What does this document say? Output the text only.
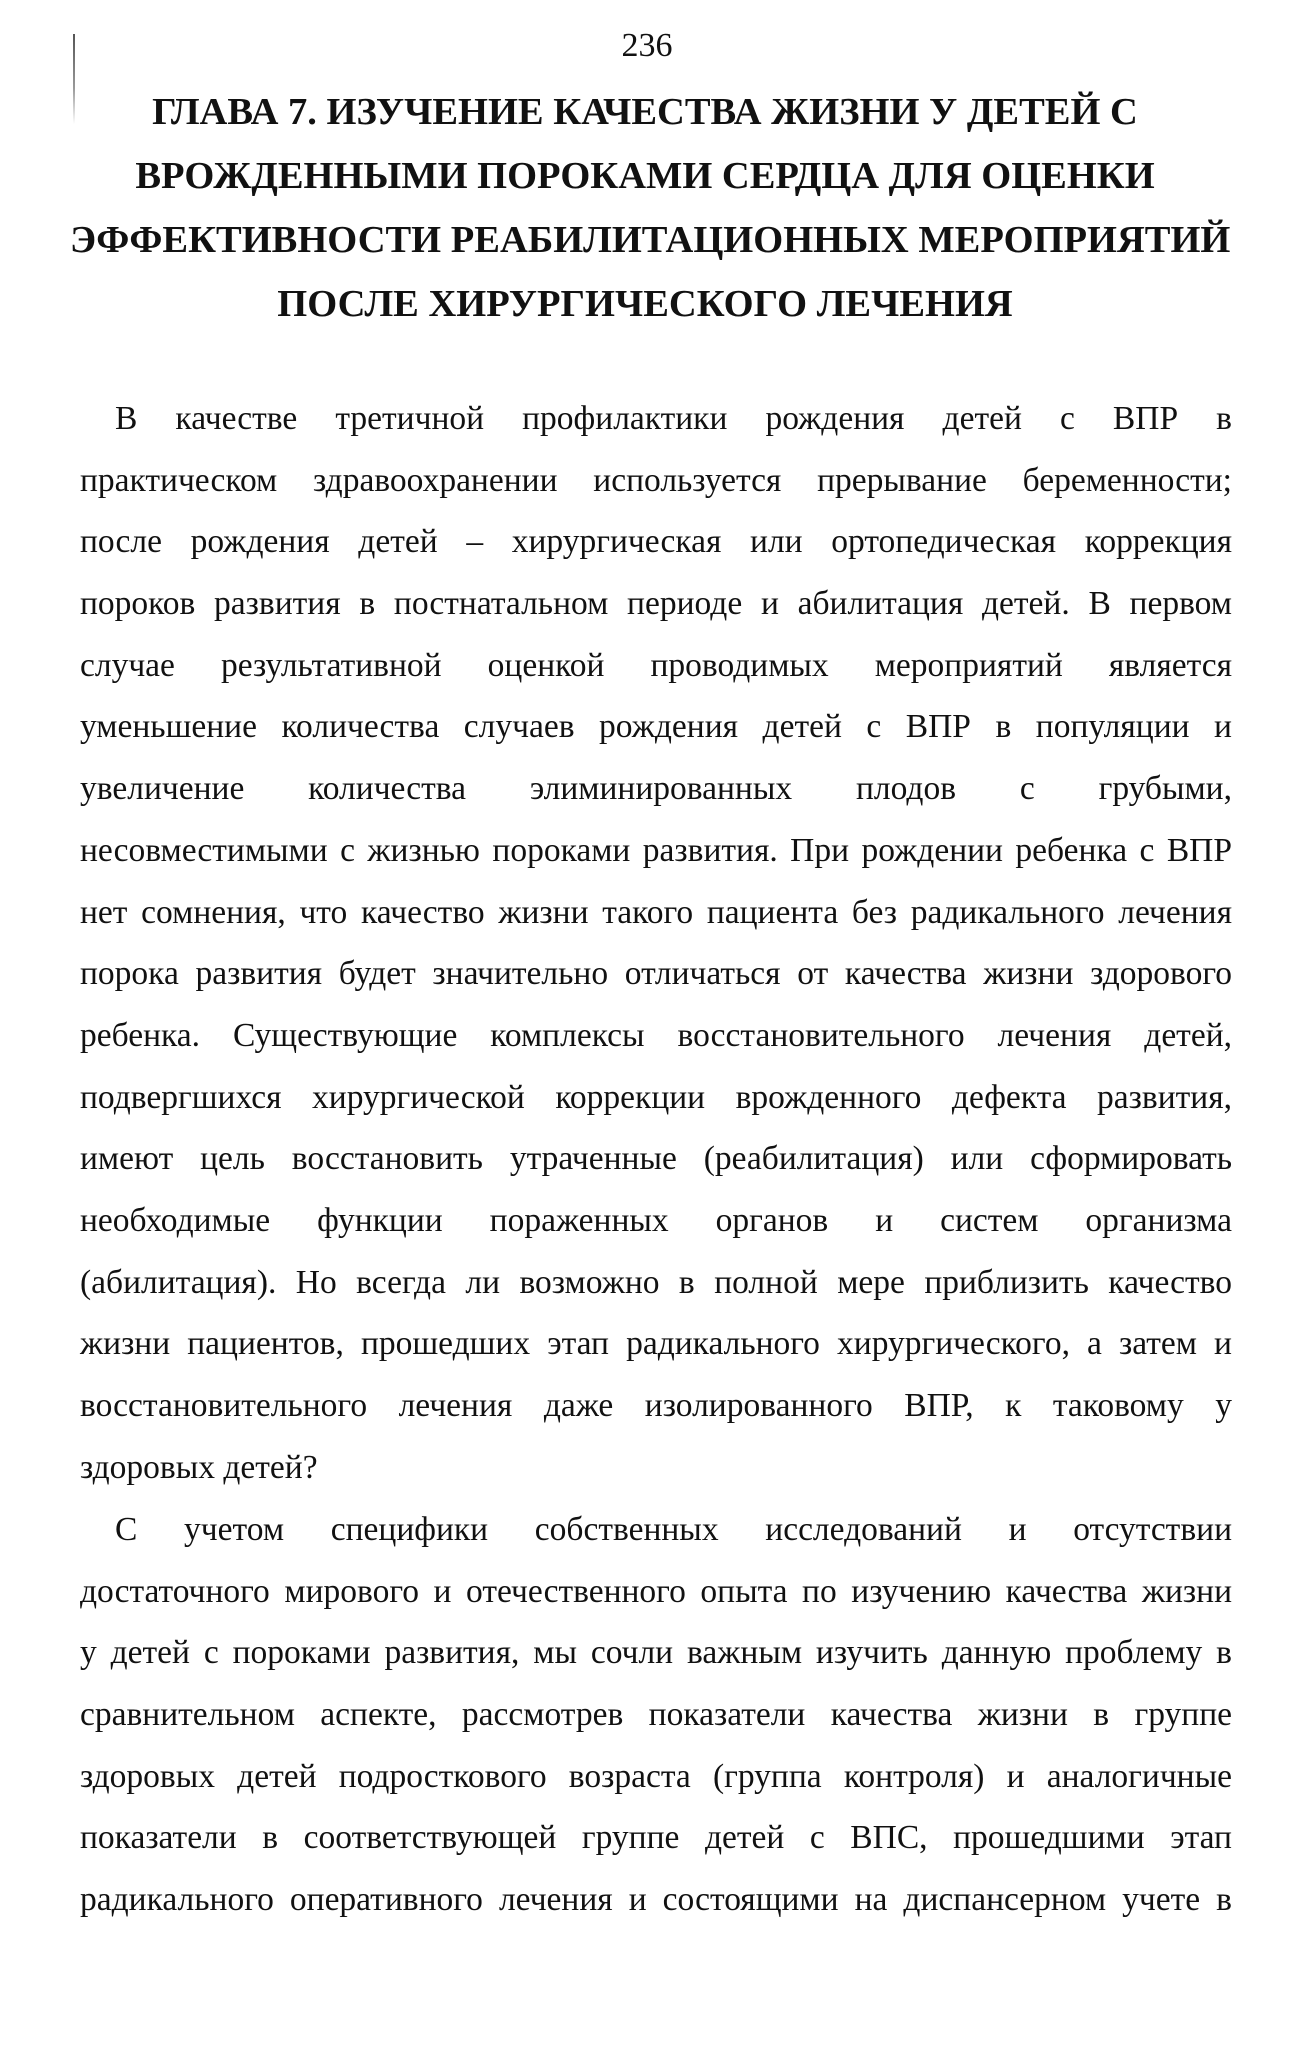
236
ГЛАВА 7. ИЗУЧЕНИЕ КАЧЕСТВА ЖИЗНИ У ДЕТЕЙ С
ВРОЖДЕННЫМИ ПОРОКАМИ СЕРДЦА ДЛЯ ОЦЕНКИ
ЭФФЕКТИВНОСТИ РЕАБИЛИТАЦИОННЫХ МЕРОПРИЯТИЙ
ПОСЛЕ ХИРУРГИЧЕСКОГО ЛЕЧЕНИЯ
В качестве третичной профилактики рождения детей с ВПР в
практическом здравоохранении используется прерывание беременности;
после рождения детей – хирургическая или ортопедическая коррекция
пороков развития в постнатальном периоде и абилитация детей. В первом
случае результативной оценкой проводимых мероприятий является
уменьшение количества случаев рождения детей с ВПР в популяции и
увеличение количества элиминированных плодов с грубыми,
несовместимыми с жизнью пороками развития. При рождении ребенка с ВПР
нет сомнения, что качество жизни такого пациента без радикального лечения
порока развития будет значительно отличаться от качества жизни здорового
ребенка. Существующие комплексы восстановительного лечения детей,
подвергшихся хирургической коррекции врожденного дефекта развития,
имеют цель восстановить утраченные (реабилитация) или сформировать
необходимые функции пораженных органов и систем организма
(абилитация). Но всегда ли возможно в полной мере приблизить качество
жизни пациентов, прошедших этап радикального хирургического, а затем и
восстановительного лечения даже изолированного ВПР, к таковому у
здоровых детей?
С учетом специфики собственных исследований и отсутствии
достаточного мирового и отечественного опыта по изучению качества жизни
у детей с пороками развития, мы сочли важным изучить данную проблему в
сравнительном аспекте, рассмотрев показатели качества жизни в группе
здоровых детей подросткового возраста (группа контроля) и аналогичные
показатели в соответствующей группе детей с ВПС, прошедшими этап
радикального оперативного лечения и состоящими на диспансерном учете в
